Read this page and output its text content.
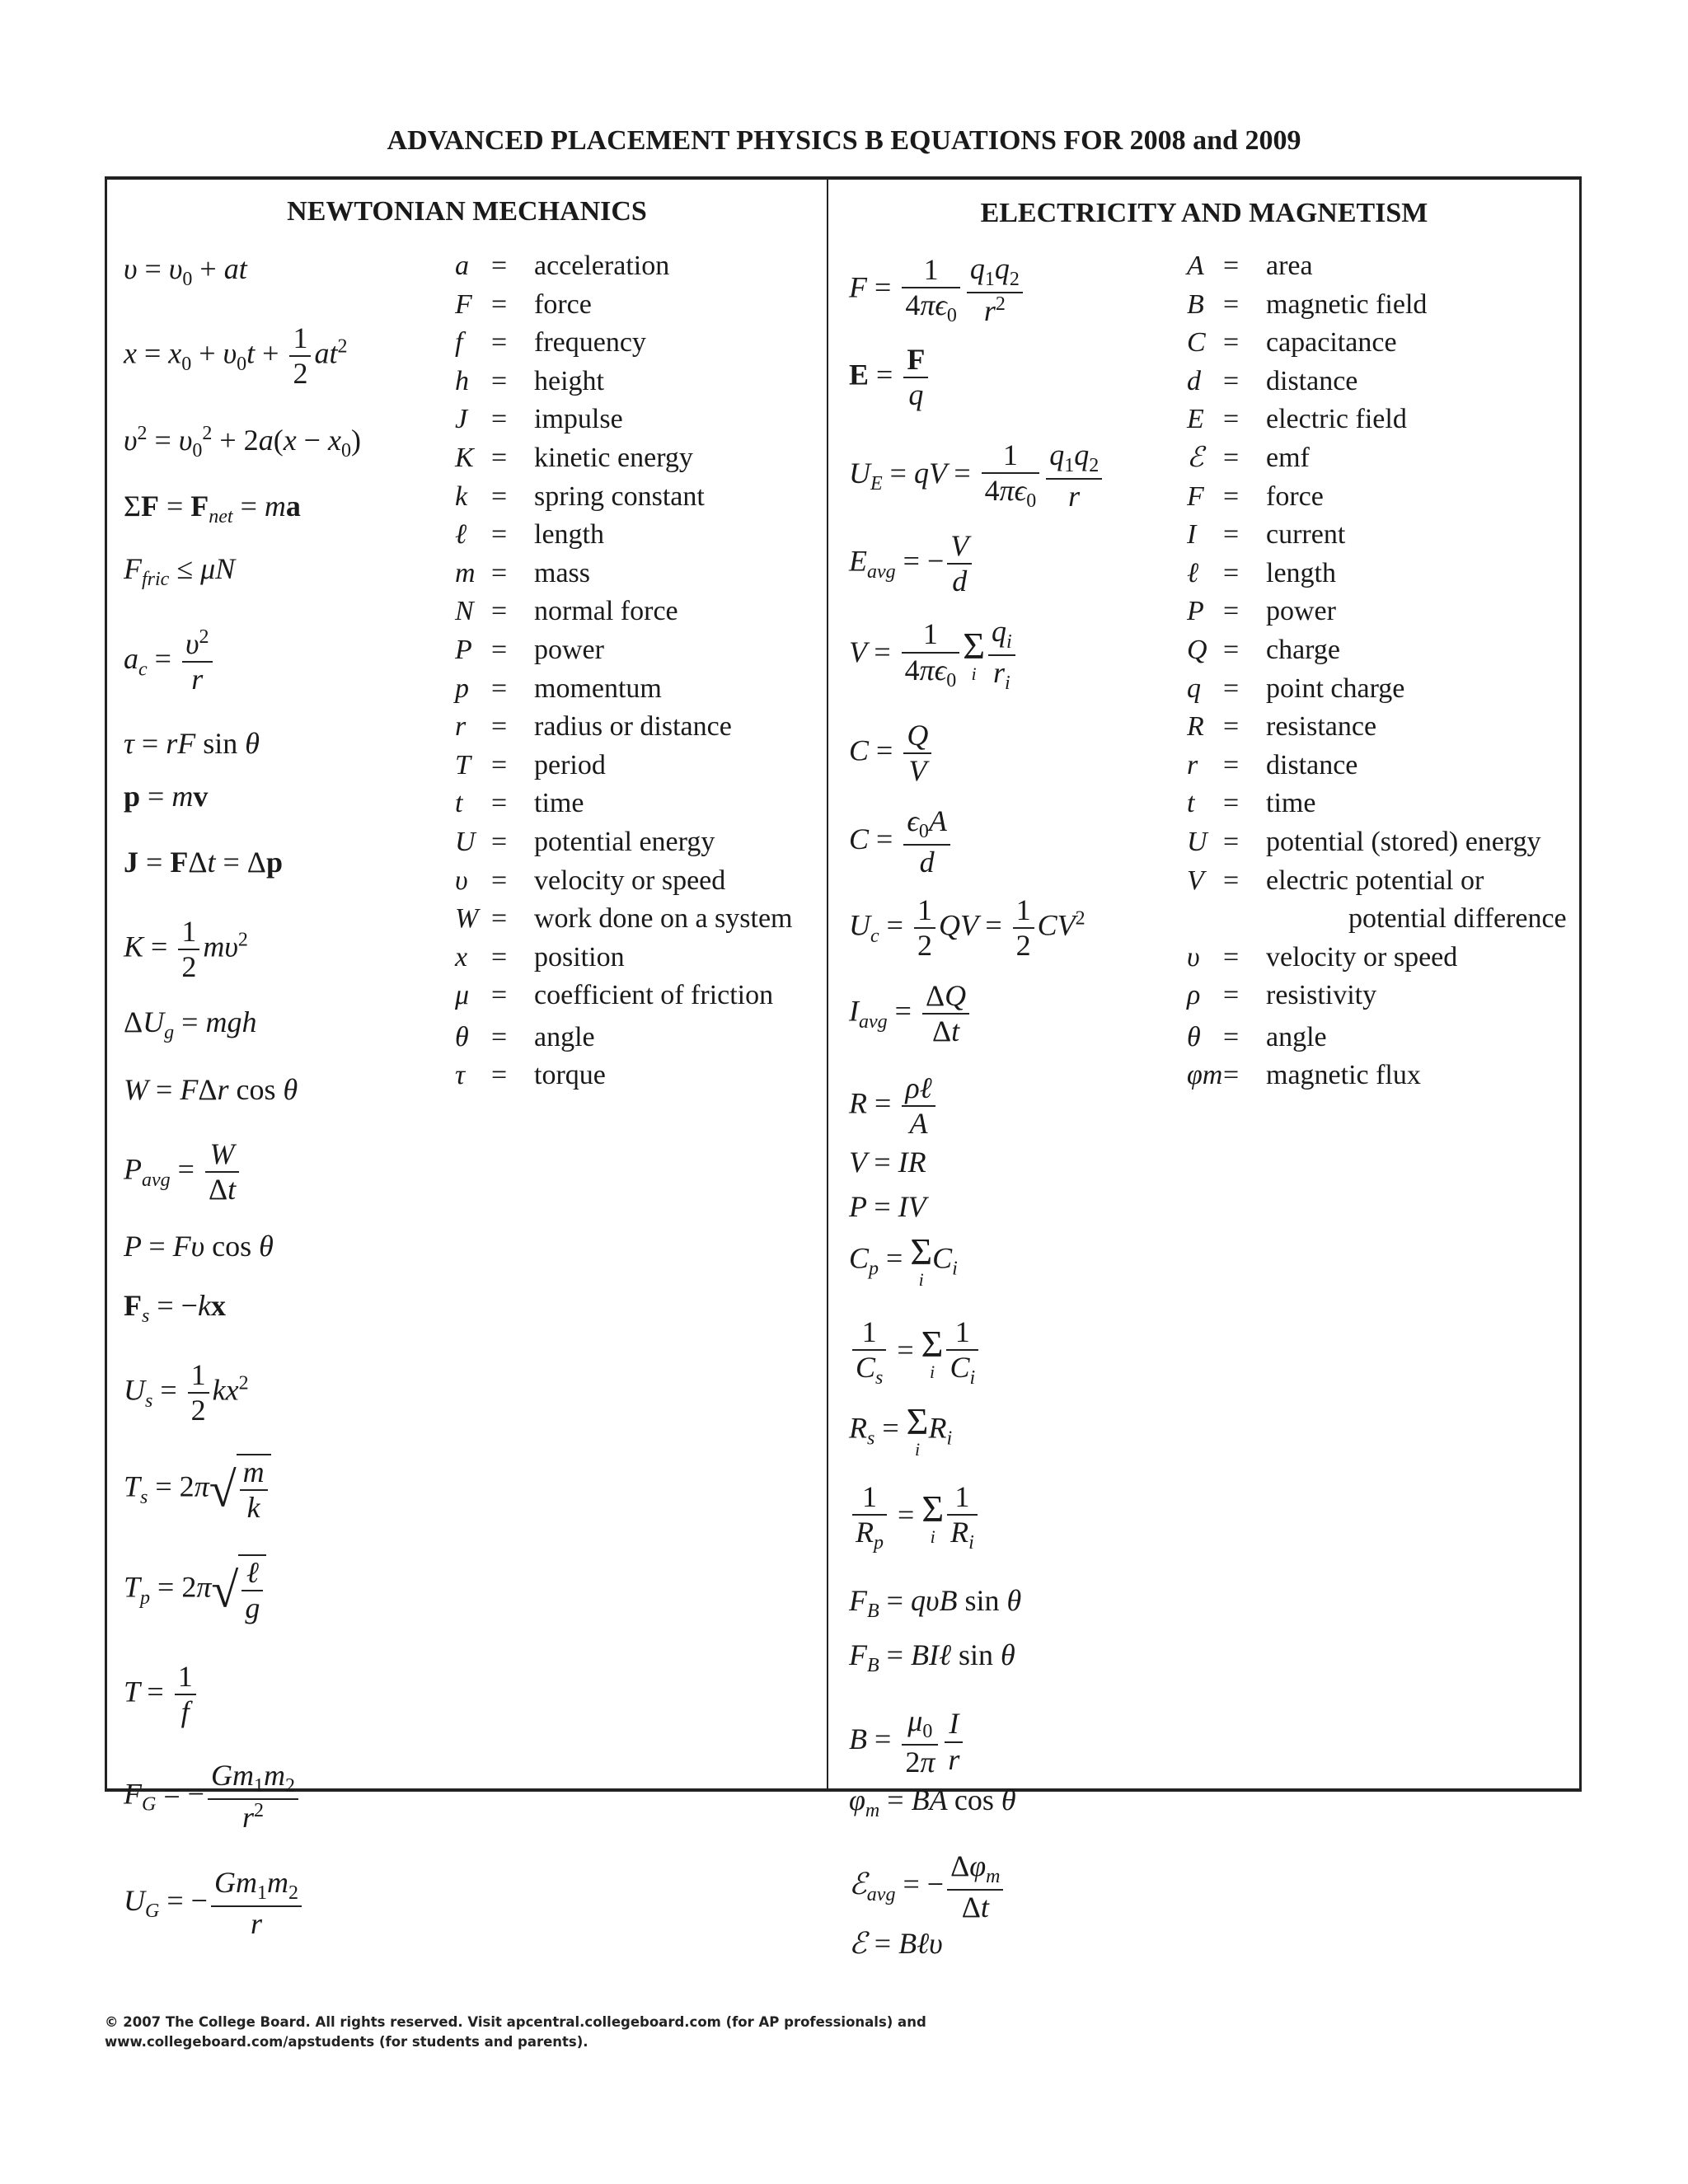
ADVANCED PLACEMENT PHYSICS B EQUATIONS FOR 2008 and 2009
NEWTONIAN MECHANICS
$\upsilon = \upsilon_0$ + at
$x = x_0 + \upsilon_0t + \frac{1}{2} at^2$
$\upsilon^2 = \upsilon_0^2 + 2a(x - x_0)$
$\Sigma F = F_{net}$ = ma
$F_{fric} \le \mu N$
$a_c = \frac{\upsilon^2}{r}$
τ = rF sin θ
p = mv
J = FΔt = Δp
$K = \frac{1}{2} m\upsilon^2$
$\Delta U_g$ = mgh
W = FΔr cos θ
$P_{avg} = \frac{W}{\Delta t}$
P = Fυ cos θ
$F_s = -kx$
$U_s = \frac{1}{2} kx^2$
$T_s = 2\pi√ \frac{m}{k}$
$T_p = 2\pi√ \frac{\text{ℓ}}{g}$
$T = \frac{1}{f}$
$F_G$ = − $\frac{Gm_1m_2}{r^2}$
$U_G$ = − $\frac{Gm_1m_2}{r}$
a = acceleration
F = force
f	= frequency
h = height
J = impulse
K = kinetic energy
k = spring constant
ℓ = length
m = mass
N = normal force
P = power
p = momentum
r = radius or distance
T = period
t	= time
U = potential energy
υ = velocity or speed
W = work done on a system
x = position
μ = coefficient of friction
θ = angle
τ = torque
ELECTRICITY AND MAGNETISM
$F = \frac{1}{4\pi\epsilon_0} \frac{q_1q_2}{r^2}$
$E = \frac{F}{q}$
$U_E$ = qV = $\frac{1}{4\pi\epsilon_0} \frac{q_1q_2}{r}$
$E_{avg}$ = − $\frac{V}{d}$
$V = \frac{1}{4\pi\epsilon_0}$ Σ
i $\frac{q_i}{r_i}$
$C = \frac{Q}{V}$
$C = \frac{\epsilon_0A}{d}$
$U_c = \frac{1}{2}$ QV = $\frac{1}{2} CV^2$
$I_{avg} = \frac{\Delta Q}{\Delta t}$
$R = \frac{\text{ρℓ}}{A}$
V = IR
P = IV
$C_p = \Sigma$
i
$C_i$
$\frac{1}{C_s} = \Sigma$
i $\frac{1}{C_i}$
$R_s = \Sigma$
i
$R_i$
$\frac{1}{R_p} = \Sigma$
i $\frac{1}{R_i}$
$F_B = q\upsilon B$ sin θ
$F_B$ = BIℓ sin θ
$B = \frac{\mu_0}{2\pi} \frac{I}{r}$
$\varphi_m$ = BA cos θ
ℰ$_{avg}$ = − $\frac{\Delta\varphi_m}{\Delta t}$
ℰ = Bℓυ
A = area
B = magnetic field
C = capacitance
d = distance
E = electric field
ℰ = emf
F = force
I = current
ℓ = length
P = power
Q = charge
q = point charge
R = resistance
r = distance
t	= time
U = potential (stored) energy
V = electric potential or
potential difference
υ = velocity or speed
ρ = resistivity
θ = angle
φm = magnetic flux
© 2007 The College Board. All rights reserved. Visit apcentral.collegeboard.com (for AP professionals) and
www.collegeboard.com/apstudents (for students and parents).
